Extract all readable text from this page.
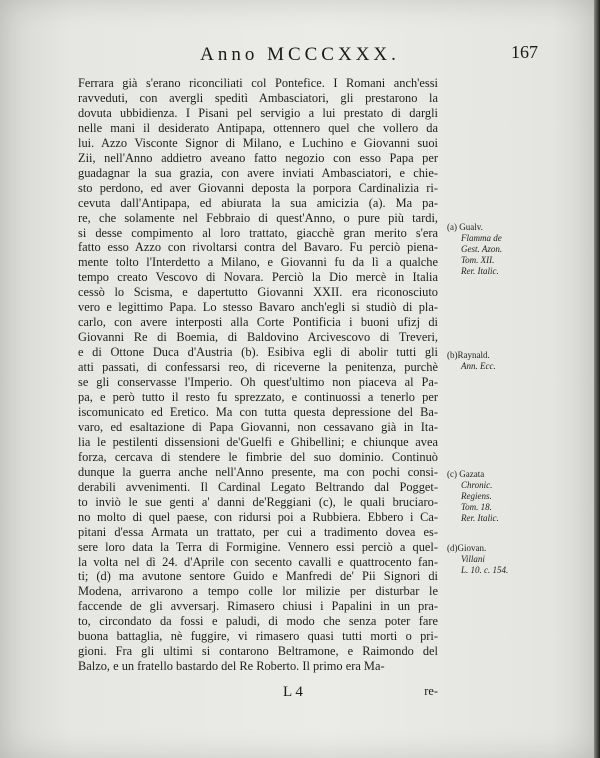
Anno MCCCXXX.	167
Ferrara già s'erano riconciliati col Pontefice. I Romani anch'essi
ravveduti, con avergli speditì Ambasciatori, gli prestarono la
dovuta ubbidienza. I Pisani pel servigio a lui prestato di dargli
nelle mani il desiderato Antipapa, ottennero quel che vollero da
lui. Azzo Visconte Signor di Milano, e Luchino e Giovanni suoi
Zii, nell'Anno addietro aveano fatto negozio con esso Papa per
guadagnar la sua grazia, con avere inviati Ambasciatori, e chie-
sto perdono, ed aver Giovanni deposta la porpora Cardinalizia ri-
cevuta dall'Antipapa, ed abiurata la sua amicizia (a). Ma pa-
re, che solamente nel Febbraio di quest'Anno, o pure più tardi,
si desse compimento al loro trattato, giacchè gran merito s'era
fatto esso Azzo con rivoltarsi contra del Bavaro. Fu perciò piena-
mente tolto l'Interdetto a Milano, e Giovanni fu da lì a qualche
tempo creato Vescovo di Novara. Perciò la Dio mercè in Italia
cessò lo Scisma, e dapertutto Giovanni XXII. era riconosciuto
vero e legittimo Papa. Lo stesso Bavaro anch'egli si studiò di pla-
carlo, con avere interposti alla Corte Pontificia i buoni ufizj di
Giovanni Re di Boemia, di Baldovino Arcivescovo di Treveri,
e di Ottone Duca d'Austria (b). Esibiva egli di abolir tutti gli
atti passati, di confessarsi reo, di riceverne la penitenza, purchè
se gli conservasse l'Imperio. Oh quest'ultimo non piaceva al Pa-
pa, e però tutto il resto fu sprezzato, e continuossi a tenerlo per
iscomunicato ed Eretico. Ma con tutta questa depressione del Ba-
varo, ed esaltazione di Papa Giovanni, non cessavano già in Ita-
lia le pestilenti dissensioni de'Guelfi e Ghibellini; e chiunque avea
forza, cercava di stendere le fimbrie del suo dominio. Continuò
dunque la guerra anche nell'Anno presente, ma con pochi consi-
derabili avvenimenti. Il Cardinal Legato Beltrando dal Pogget-
to inviò le sue genti a' danni de'Reggiani (c), le quali bruciaro-
no molto di quel paese, con ridursi poi a Rubbiera. Ebbero i Ca-
pitani d'essa Armata un trattato, per cui a tradimento dovea es-
sere loro data la Terra di Formigine. Vennero essi perciò a quel-
la volta nel dì 24. d'Aprile con secento cavalli e quattrocento fan-
ti; (d) ma avutone sentore Guido e Manfredi de' Pii Signori di
Modena, arrivarono a tempo colle lor milizie per disturbar le
faccende de gli avversarj. Rimasero chiusi i Papalini in un pra-
to, circondato da fossi e paludi, di modo che senza poter fare
buona battaglia, nè fuggire, vi rimasero quasi tutti morti o pri-
gioni. Fra gli ultimi si contarono Beltramone, e Raimondo del
Balzo, e un fratello bastardo del Re Roberto. Il primo era Ma-
(a) Gualv.
Flamma de
Gest. Azon.
Tom. XII.
Rer. Italic.
(b)Raynald.
Ann. Ecc.
(c) Gazata
Chronic.
Regiens.
Tom. 18.
Rer. Italic.
(d)Giovan.
Villani
L. 10. c. 154.
L 4	re-
